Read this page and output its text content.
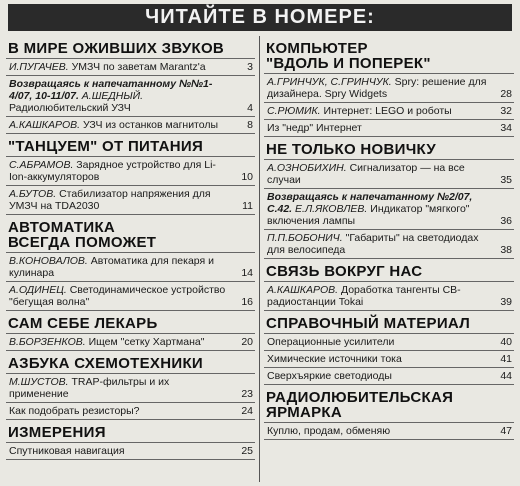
ЧИТАЙТЕ В НОМЕРЕ:
В МИРЕ ОЖИВШИХ ЗВУКОВ
И.ПУГАЧЕВ. УМЗЧ по заветам Marantz'а	3
Возвращаясь к напечатанному №№1-4/07, 10-11/07. А.ШЕДНЫЙ. Радиолюбительский УЗЧ	4
А.КАШКАРОВ. УЗЧ из останков магнитолы	8
"ТАНЦУЕМ" ОТ ПИТАНИЯ
С.АБРАМОВ. Зарядное устройство для Li-Ion-аккумуляторов	10
А.БУТОВ. Стабилизатор напряжения для УМЗЧ на TDA2030	11
АВТОМАТИКА
ВСЕГДА ПОМОЖЕТ
В.КОНОВАЛОВ. Автоматика для пекаря и кулинара	14
А.ОДИНЕЦ. Светодинамическое устройство "бегущая волна"	16
САМ СЕБЕ ЛЕКАРЬ
В.БОРЗЕНКОВ. Ищем "сетку Хартмана"	20
АЗБУКА СХЕМОТЕХНИКИ
М.ШУСТОВ. TRAP-фильтры и их применение	23
Как подобрать резисторы?	24
ИЗМЕРЕНИЯ
Спутниковая навигация	25
КОМПЬЮТЕР
"ВДОЛЬ И ПОПЕРЕК"
А.ГРИНЧУК, С.ГРИНЧУК. Spry: решение для дизайнера. Spry Widgets	28
С.РЮМИК. Интернет: LEGO и роботы	32
Из "недр" Интернет	34
НЕ ТОЛЬКО НОВИЧКУ
А.ОЗНОБИХИН. Сигнализатор — на все случаи	35
Возвращаясь к напечатанному №2/07, С.42. Е.Л.ЯКОВЛЕВ. Индикатор "мягкого" включения лампы	36
П.П.БОБОНИЧ. "Габариты" на светодиодах для велосипеда	38
СВЯЗЬ ВОКРУГ НАС
А.КАШКАРОВ. Доработка тангенты СВ-радиостанции Tokai	39
СПРАВОЧНЫЙ МАТЕРИАЛ
Операционные усилители	40
Химические источники тока	41
Сверхъяркие светодиоды	44
РАДИОЛЮБИТЕЛЬСКАЯ
ЯРМАРКА
Куплю, продам, обменяю	47
